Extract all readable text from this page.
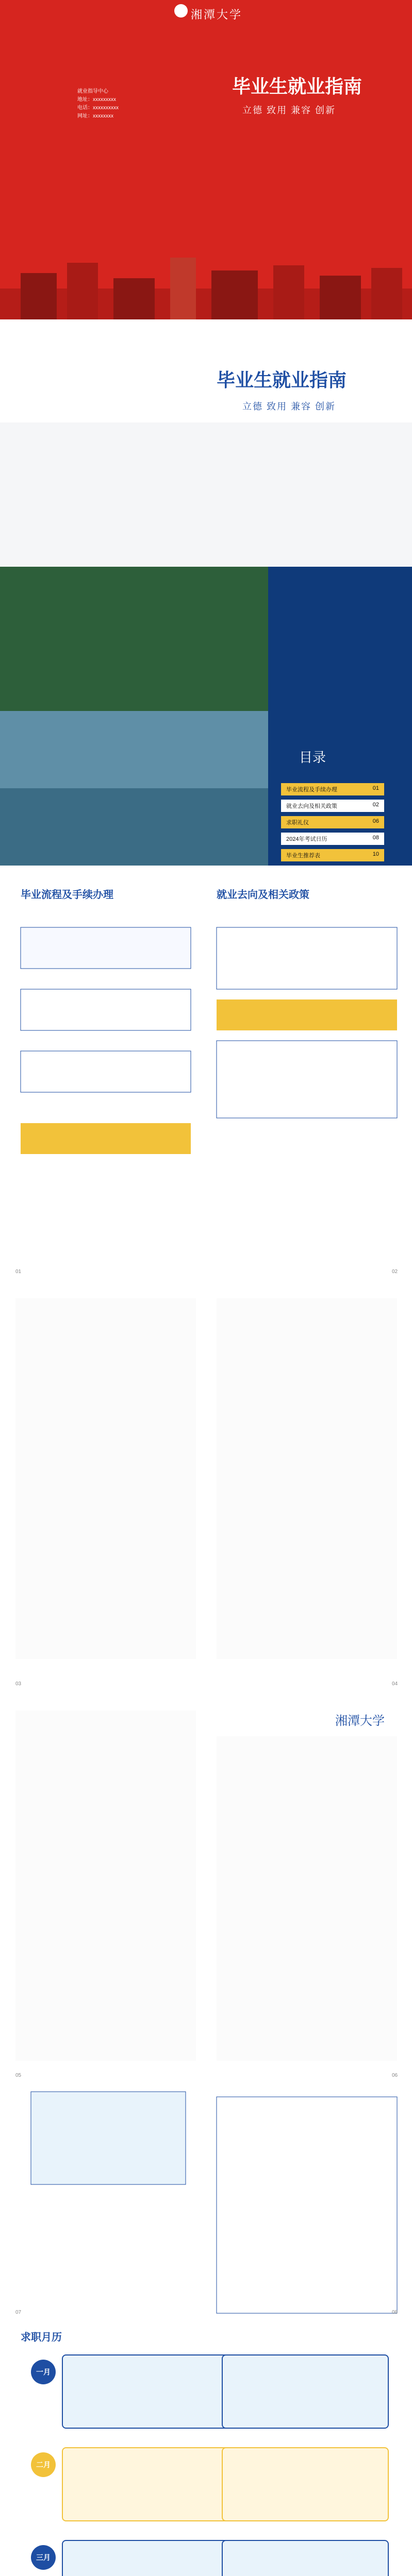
湘潭大学
就业指导中心
地址：xxxxxxxxx
电话：xxxxxxxxxx
网址：xxxxxxxx
毕业生就业指南
立德 致用 兼容 创新
毕业生就业指南
立德 致用 兼容 创新
目录
毕业流程及手续办理	01
就业去向及相关政策	02
求职礼仪	06
2024年考试日历	08
毕业生推荐表	10
毕业流程及手续办理	就业去向及相关政策
01	02
03	04
湘潭大学
05	06
07	08
求职月历
一月
二月
三月
